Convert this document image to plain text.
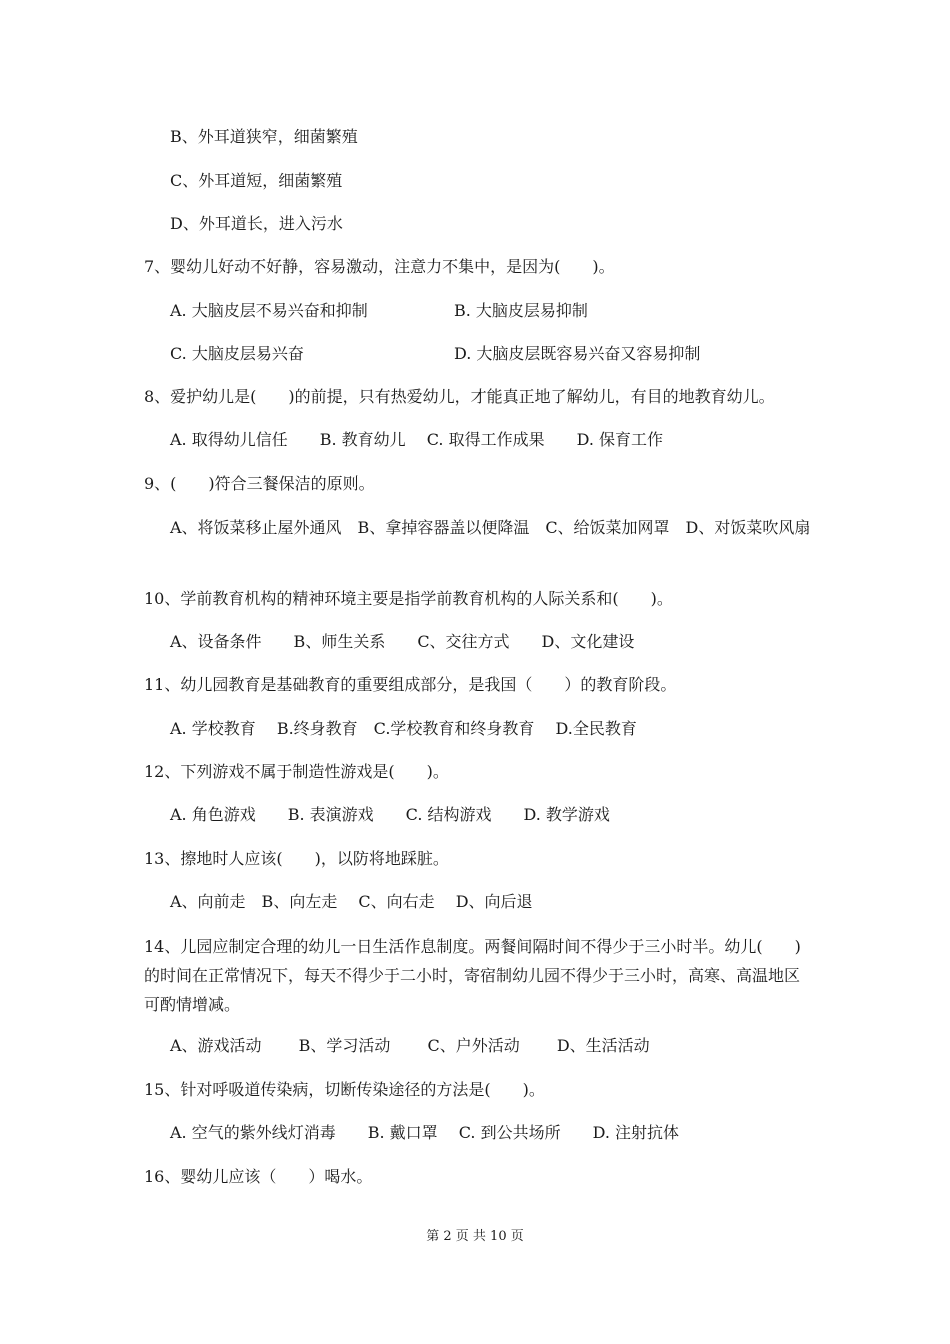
B、外耳道狭窄，细菌繁殖
C、外耳道短，细菌繁殖
D、外耳道长，进入污水
7、婴幼儿好动不好静，容易激动，注意力不集中，是因为(　　)。
A. 大脑皮层不易兴奋和抑制	B. 大脑皮层易抑制
C. 大脑皮层易兴奋	D. 大脑皮层既容易兴奋又容易抑制
8、爱护幼儿是(　　)的前提，只有热爱幼儿，才能真正地了解幼儿，有目的地教育幼儿。
A. 取得幼儿信任　　B. 教育幼儿　 C. 取得工作成果　　D. 保育工作
9、(　　)符合三餐保洁的原则。
A、将饭菜移止屋外通风　B、拿掉容器盖以便降温　C、给饭菜加网罩　D、对饭菜吹风扇
10、学前教育机构的精神环境主要是指学前教育机构的人际关系和(　　)。
A、设备条件　　B、师生关系　　C、交往方式　　D、文化建设
11、幼儿园教育是基础教育的重要组成部分，是我国（　　）的教育阶段。
A. 学校教育　 B.终身教育　C.学校教育和终身教育　 D.全民教育
12、下列游戏不属于制造性游戏是(　　)。
A. 角色游戏　　B. 表演游戏　　C. 结构游戏　　D. 教学游戏
13、擦地时人应该(　　)，以防将地踩脏。
A、向前走　B、向左走　 C、向右走　 D、向后退
14、儿园应制定合理的幼儿一日生活作息制度。两餐间隔时间不得少于三小时半。幼儿(　　)的时间在正常情况下，每天不得少于二小时，寄宿制幼儿园不得少于三小时，高寒、高温地区可酌情增减。
A、游戏活动　　 B、学习活动　　 C、户外活动　　 D、生活活动
15、针对呼吸道传染病，切断传染途径的方法是(　　)。
A. 空气的紫外线灯消毒　　B. 戴口罩　 C. 到公共场所　　D. 注射抗体
16、婴幼儿应该（　　）喝水。
第 2 页 共 10 页
